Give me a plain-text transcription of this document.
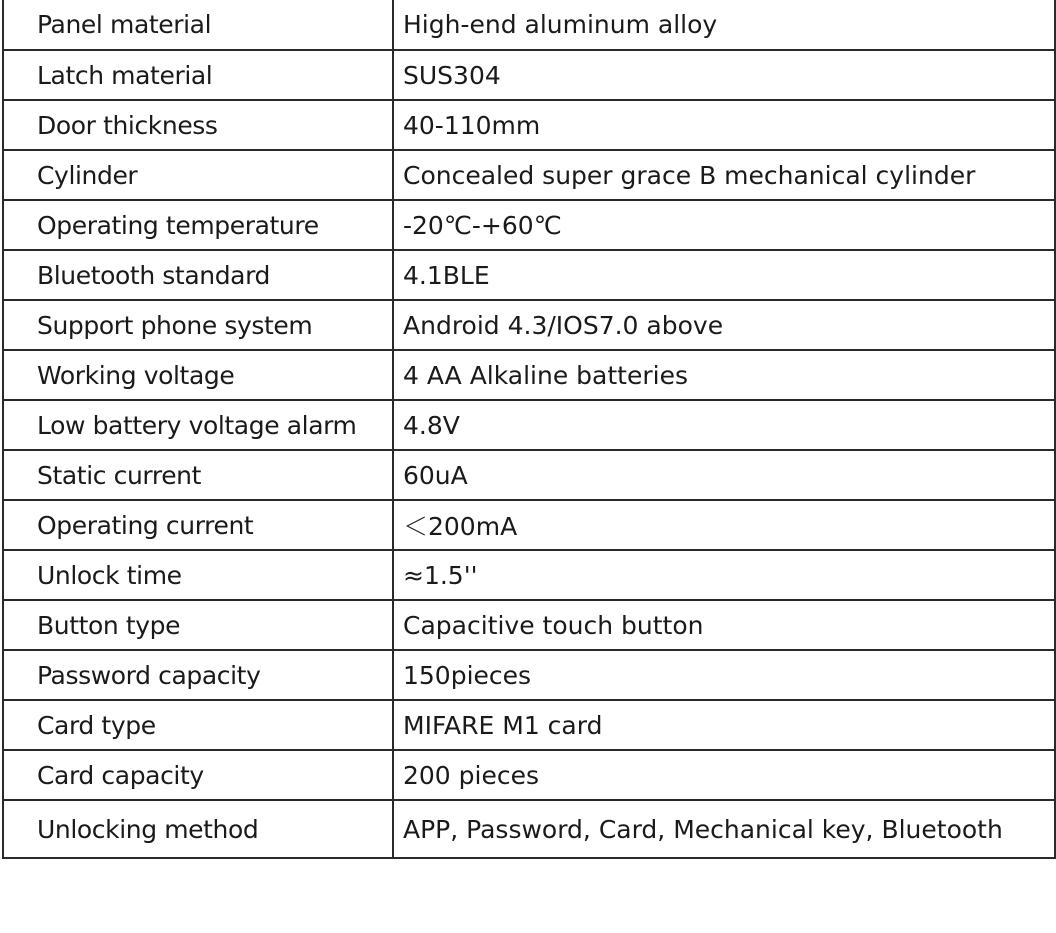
Panel material	High-end aluminum alloy
Latch material	SUS304
Door thickness	40-110mm
Cylinder	Concealed super grace B mechanical cylinder
Operating temperature	-20℃-+60℃
Bluetooth standard	4.1BLE
Support phone system	Android 4.3/IOS7.0 above
Working voltage	4 AA Alkaline batteries
Low battery voltage alarm	4.8V
Static current	60uA
Operating current	＜200mA
Unlock time	≈1.5''
Button type	Capacitive touch button
Password capacity	150pieces
Card type	MIFARE M1 card
Card capacity	200 pieces
Unlocking method	APP, Password, Card, Mechanical key, Bluetooth
